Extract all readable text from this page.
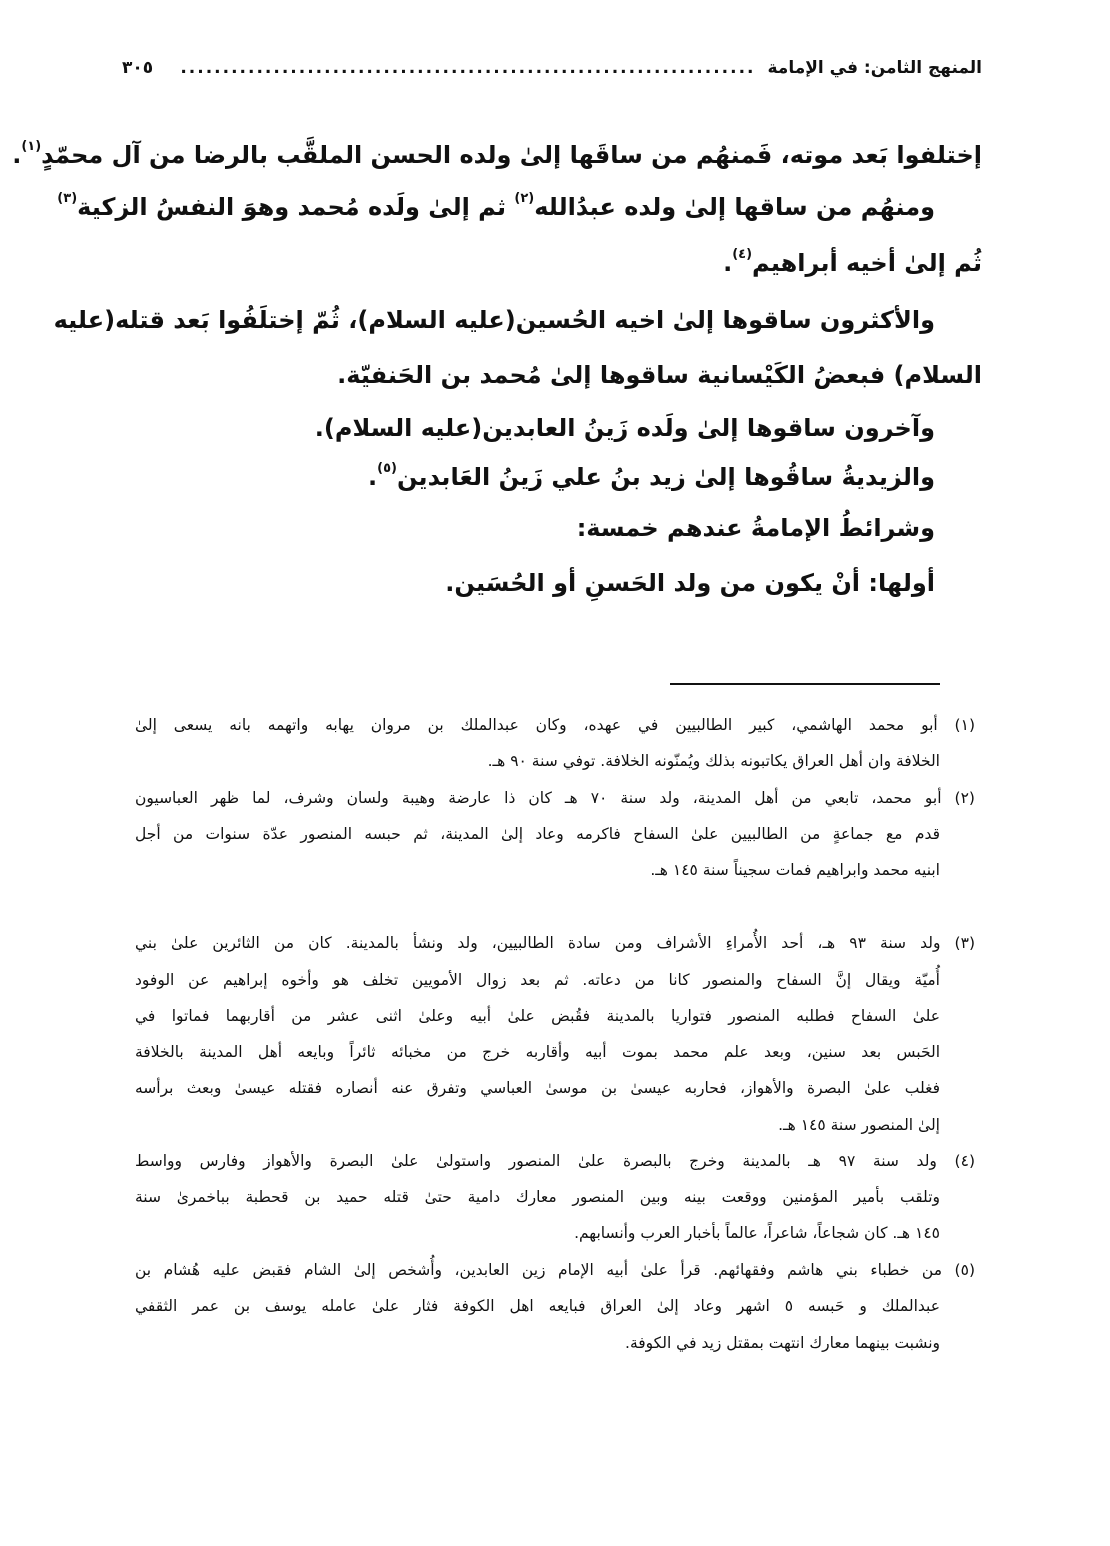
المنهج الثامن: في الإمامة
....................................................................
٣٠٥
إختلفوا بَعد موته، فَمنهُم من ساقَها إلىٰ ولده الحسن الملقَّب بالرضا من آل محمّدٍ$^{(١)}$.
ومنهُم من ساقها إلىٰ ولده عبدُالله$^{(٢)}$ ثم إلىٰ ولَده مُحمد وهوَ النفسُ الزكية$^{(٣)}$
ثُم إلىٰ أخيه أبراهيم$^{(٤)}$.
والأكثرون ساقوها إلىٰ اخيه الحُسين(عليه السلام)، ثُمّ إختلَفُوا بَعد قتله(عليه
السلام) فبعضُ الكَيْسانية ساقوها إلىٰ مُحمد بن الحَنفيّة.
وآخرون ساقوها إلىٰ ولَده زَينُ العابدين(عليه السلام).
والزيديةُ ساقُوها إلىٰ زيد بنُ علي زَينُ العَابدين$^{(٥)}$.
وشرائطُ الإمامةُ عندهم خمسة:
أولها: أنْ يكون من ولد الحَسنِ أو الحُسَين.
(١) أبو محمد الهاشمي، كبير الطالبيين في عهده، وكان عبدالملك بن مروان يهابه واتهمه بانه يسعى إلىٰ
الخلافة وان أهل العراق يكاتبونه بذلك ويُمنّونه الخلافة. توفي سنة ٩٠ هـ.
(٢) أبو محمد، تابعي من أهل المدينة، ولد سنة ٧٠ هـ كان ذا عارضة وهيبة ولسان وشرف، لما ظهر العباسيون
قدم مع جماعةٍ من الطالبيين علىٰ السفاح فاكرمه وعاد إلىٰ المدينة، ثم حبسه المنصور عدّة سنوات من أجل
ابنيه محمد وابراهيم فمات سجيناً سنة ١٤٥ هـ.
(٣) ولد سنة ٩٣ هـ، أحد الأُمراءِ الأشراف ومن سادة الطالبيين، ولد ونشأ بالمدينة. كان من الثائرين علىٰ بني
أُميّة ويقال إنَّ السفاح والمنصور كانا من دعاته. ثم بعد زوال الأمويين تخلف هو وأخوه إبراهيم عن الوفود
علىٰ السفاح فطلبه المنصور فتواريا بالمدينة فقُبض علىٰ أبيه وعلىٰ اثنى عشر من أقاربهما فماتوا في
الحَبس بعد سنين، وبعد علم محمد بموت أبيه وأقاربه خرج من مخبائه ثائراً وبايعه أهل المدينة بالخلافة
فغلب علىٰ البصرة والأهواز، فحاربه عيسىٰ بن موسىٰ العباسي وتفرق عنه أنصاره فقتله عيسىٰ وبعث برأسه
إلىٰ المنصور سنة ١٤٥ هـ.
(٤) ولد سنة ٩٧ هـ بالمدينة وخرج بالبصرة علىٰ المنصور واستولىٰ علىٰ البصرة والأهواز وفارس وواسط
وتلقب بأمير المؤمنين ووقعت بينه وبين المنصور معارك دامية حتىٰ قتله حميد بن قحطبة بباخمرىٰ سنة
١٤٥ هـ. كان شجاعاً، شاعراً، عالماً بأخبار العرب وأنسابهم.
(٥) من خطباء بني هاشم وفقهائهم. قرأ علىٰ أبيه الإمام زين العابدين، وأُشخص إلىٰ الشام فقبض عليه هُشام بن
عبدالملك و حَبسه ٥ اشهر وعاد إلىٰ العراق فبايعه اهل الكوفة فثار علىٰ عامله يوسف بن عمر الثقفي
ونشبت بينهما معارك انتهت بمقتل زيد في الكوفة.
